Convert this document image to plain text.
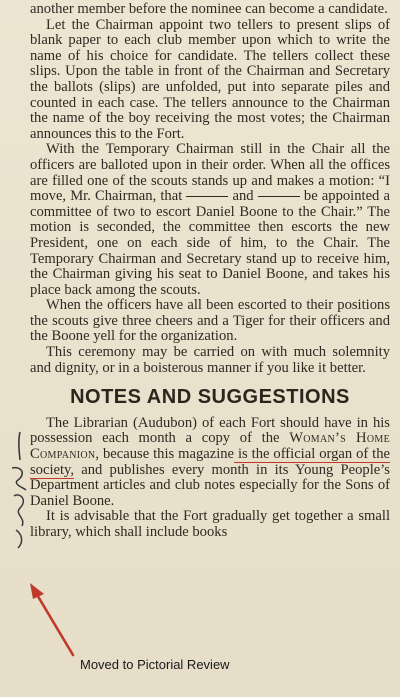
another member before the nominee can become a candidate.

Let the Chairman appoint two tellers to present slips of blank paper to each club member upon which to write the name of his choice for candidate. The tellers collect these slips. Upon the table in front of the Chairman and Secretary the ballots (slips) are unfolded, put into separate piles and counted in each case. The tellers announce to the Chairman the name of the boy receiving the most votes; the Chairman announces this to the Fort.

With the Temporary Chairman still in the Chair all the officers are balloted upon in their order. When all the offices are filled one of the scouts stands up and makes a motion: “I move, Mr. Chairman, that	and	be appointed a committee of two to escort Daniel Boone to the Chair.” The motion is seconded, the committee then escorts the new President, one on each side of him, to the Chair. The Temporary Chairman and Secretary stand up to receive him, the Chairman giving his seat to Daniel Boone, and takes his place back among the scouts.

When the officers have all been escorted to their positions the scouts give three cheers and a Tiger for their officers and the Boone yell for the organization.

This ceremony may be carried on with much solemnity and dignity, or in a boisterous manner if you like it better.

NOTES AND SUGGESTIONS

The Librarian (Audubon) of each Fort should have in his possession each month a copy of the Woman’s Home Companion, because this magazine is the official organ of the society, and publishes every month in its Young People’s Department articles and club notes especially for the Sons of Daniel Boone.

It is advisable that the Fort gradually get together a small library, which shall include books

Moved to Pictorial Review
